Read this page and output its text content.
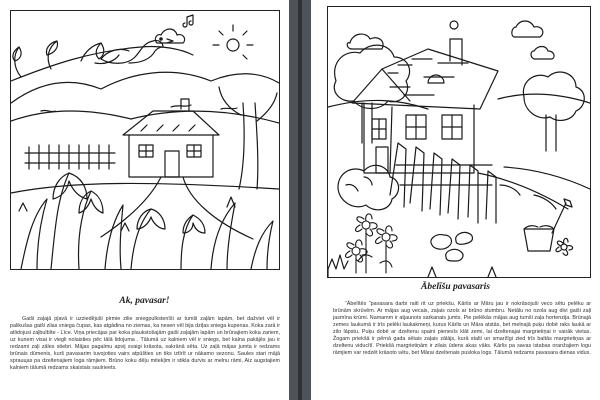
Ak, pavasar!

Gaiši zaļajā pļavā ir uzziedējuši pirmie zilie sniegpulkstenīši ar tumši zaļām lapām, bet dažviet vēl ir palikušas gaiši zilas sniega čupas, kas atgādina no ziemas, ka nesen vēl bija dziļas sniega kupenas. Koka zarā ir atlidojusi zaļbulbīte - Līce. Viņa priecājas par koka plaukstošajām gaiši zaļajām lapām un brūnajiem koka zariem, uz kuriem visai ir viegli nolaisties pēc tālā lidojuma . Tālumā uz kalniem vēl ir sniegs, bet kalna pakājēs jau ir redzami zaļi zāles stiebri. Mājas pagalmu apvij svaigi krāsota, sakrānā sēta. Uz zaļā mājas jumta ir redzams brūnais dūmenis, kurš pavasarim tuvojoties vairs atpūšties un tiks iztīrīt ur nākamo sezonu. Saules stari mājā sprauцas pa dzeltenajiem loga rāmjiem. Brūno koku dēļu mitekļim ir stikla durvis ar melnu rāmi. Aiz augstajiem kalniem tālumā redzams skaistais saulrieets.

Ābelīšu pavasaris

“Ābelītēs ”pavasara darbi raiti rit uz priekšu. Kārlis ar Māru jau ir nokrāsojuši veco sētu pelēku ar brūnām skrūvēm. Ar mājas aug vecais, zaļais ozols ar brūno stumbru. Netālu no ozola aug divi gaiši zaļi jasmīna krūmi. Namamm ir atjaunots sarkanais jumts. Pie pelēkās mājas aug tumši zaļa hortenzija. Brūnajā zemes laukumā ir trīs pelēki laukakmeņi, kurus Kārlis un Māra atstās, bet melnajā puķu dobē raks laukā ar zilo lāpstu. Puķu dobē ar dzeltenu spaini pienesīs klāt zemi, lai dzeltenajai margrietiņai ir vairāk vietas. Žogam priekšā ir pērnā gada sētais zaļais zālājs, kurā stalti un smaržīgi zied trīs baltās margrietiņas ar dzeltenu viduсītī. Priekšā margrietiņām ir zilais ūdens akas vāks. Kārlis pa savas istabas oranžajiem logu rāmjiem var redzēt krāsoto sētu, bet Mārai dzeltenais pusloka logs. Tālumā redzams pavasara dienas vidus.
